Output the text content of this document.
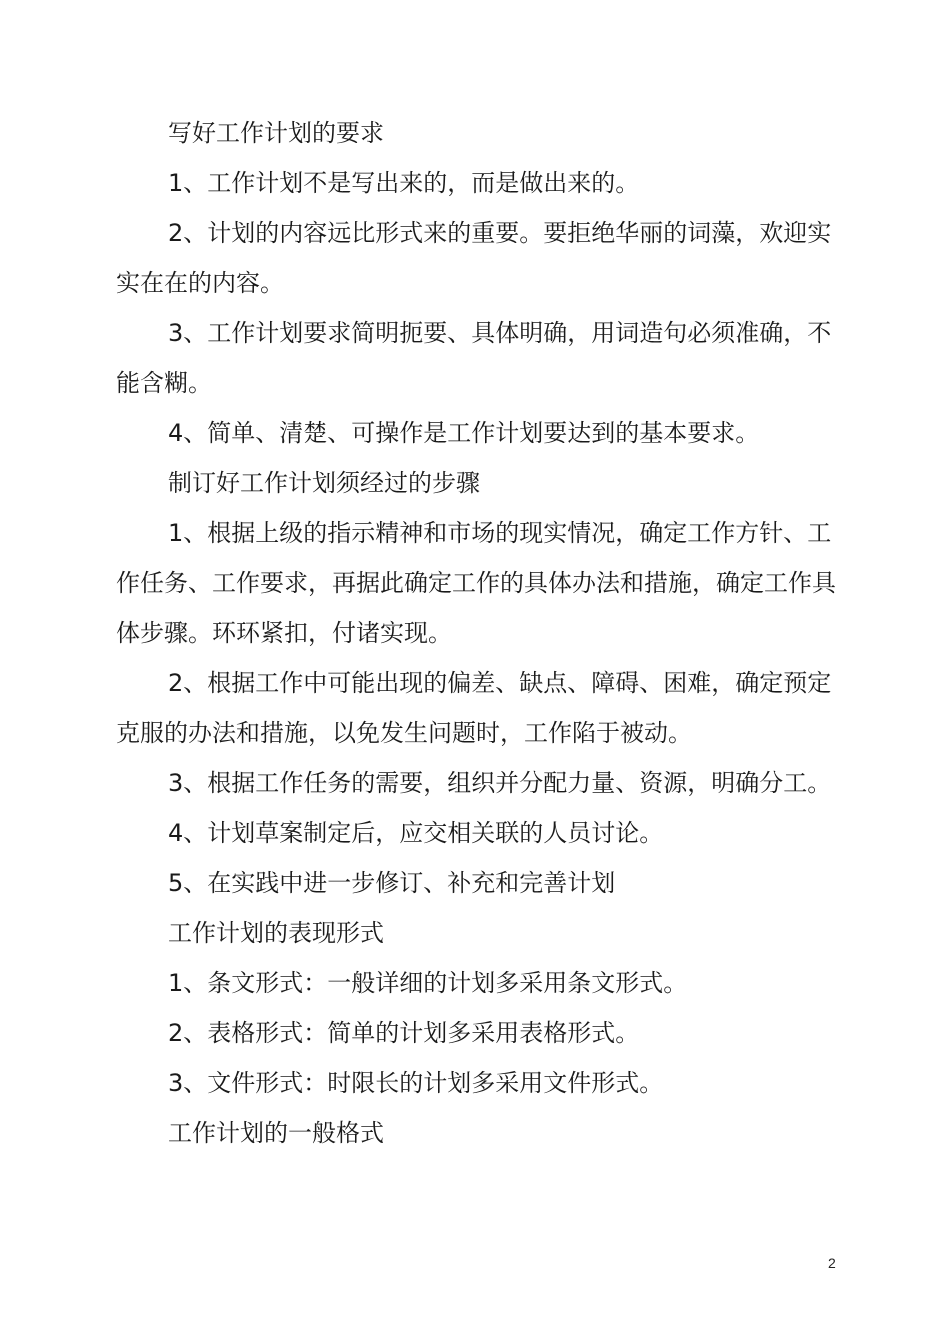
写好工作计划的要求

1、工作计划不是写出来的，而是做出来的。

2、计划的内容远比形式来的重要。要拒绝华丽的词藻，欢迎实实在在的内容。

3、工作计划要求简明扼要、具体明确，用词造句必须准确，不能含糊。

4、简单、清楚、可操作是工作计划要达到的基本要求。

制订好工作计划须经过的步骤

1、根据上级的指示精神和市场的现实情况，确定工作方针、工作任务、工作要求，再据此确定工作的具体办法和措施，确定工作具体步骤。环环紧扣，付诸实现。

2、根据工作中可能出现的偏差、缺点、障碍、困难，确定预定克服的办法和措施，以免发生问题时，工作陷于被动。

3、根据工作任务的需要，组织并分配力量、资源，明确分工。

4、计划草案制定后，应交相关联的人员讨论。

5、在实践中进一步修订、补充和完善计划

工作计划的表现形式

1、条文形式：一般详细的计划多采用条文形式。

2、表格形式：简单的计划多采用表格形式。

3、文件形式：时限长的计划多采用文件形式。

工作计划的一般格式

2
